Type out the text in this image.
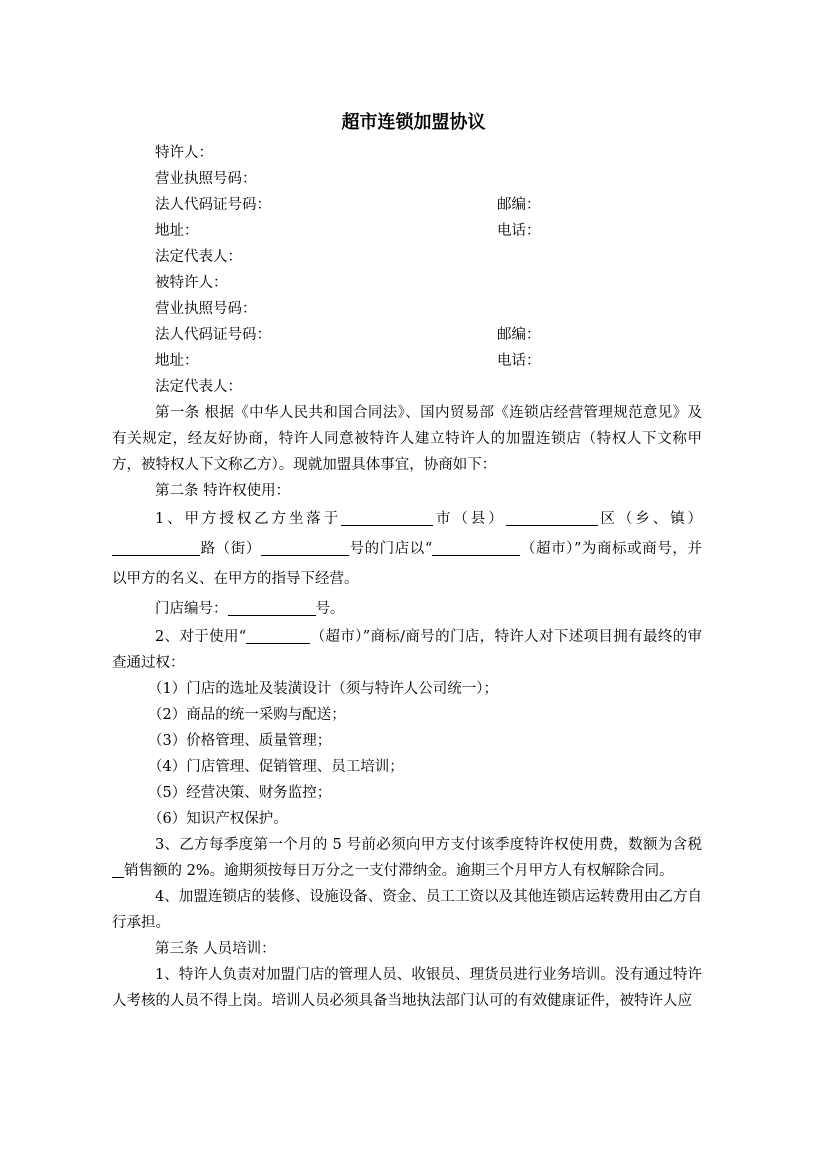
超市连锁加盟协议
特许人：
营业执照号码：
法人代码证号码：	邮编：
地址：	电话：
法定代表人：
被特许人：
营业执照号码：
法人代码证号码：	邮编：
地址：	电话：
法定代表人：
第一条 根据《中华人民共和国合同法》、国内贸易部《连锁店经营管理规范意见》及有关规定，经友好协商，特许人同意被特许人建立特许人的加盟连锁店（特权人下文称甲方，被特权人下文称乙方）。现就加盟具体事宜，协商如下：
第二条 特许权使用：
1、甲方授权乙方坐落于	市（县）	区（乡、镇）路（街）	号的门店以“	（超市）”为商标或商号，并以甲方的名义、在甲方的指导下经营。
门店编号：	号。
2、对于使用“	（超市）”商标/商号的门店，特许人对下述项目拥有最终的审查通过权：
（1）门店的选址及装潢设计（须与特许人公司统一）；
（2）商品的统一采购与配送；
（3）价格管理、质量管理；
（4）门店管理、促销管理、员工培训；
（5）经营决策、财务监控；
（6）知识产权保护。
3、乙方每季度第一个月的 5 号前必须向甲方支付该季度特许权使用费，数额为含税销售额的 2%。逾期须按每日万分之一支付滞纳金。逾期三个月甲方人有权解除合同。
4、加盟连锁店的装修、设施设备、资金、员工工资以及其他连锁店运转费用由乙方自行承担。
第三条 人员培训：
1、特许人负责对加盟门店的管理人员、收银员、理货员进行业务培训。没有通过特许人考核的人员不得上岗。培训人员必须具备当地执法部门认可的有效健康证件，被特许人应
